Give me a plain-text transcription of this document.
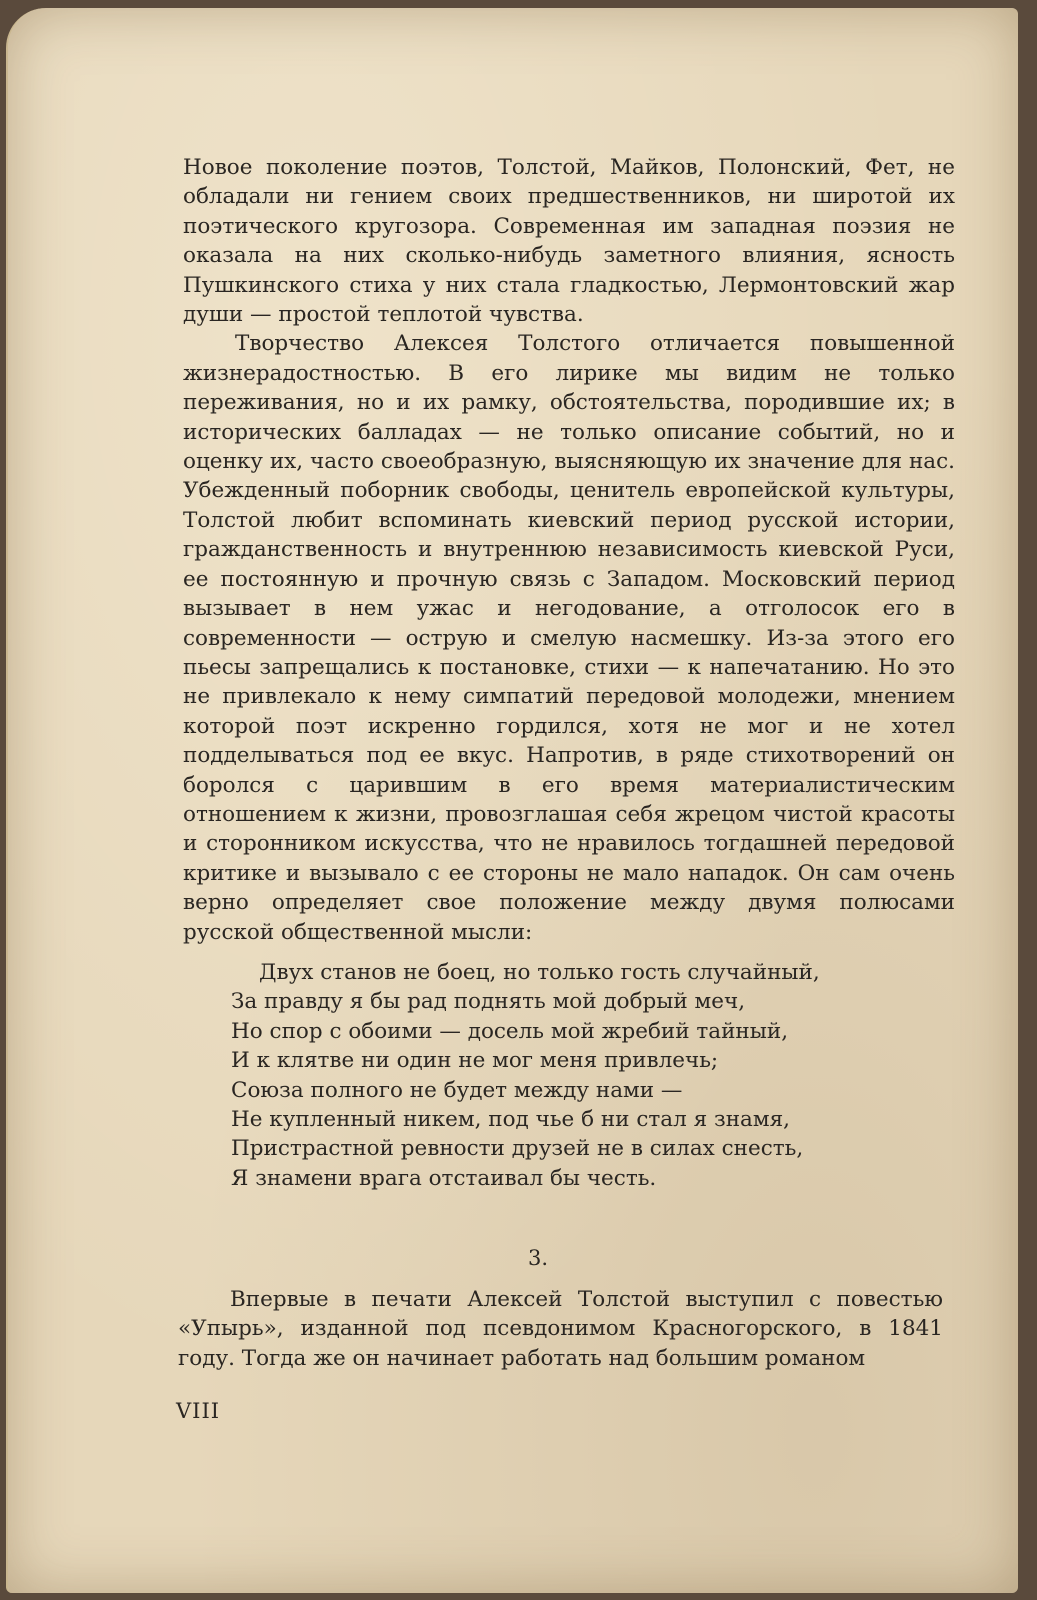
Новое поколение поэтов, Толстой, Майков, Полонский, Фет, не обладали ни гением своих предшественников, ни широтой их поэтического кругозора. Современная им западная поэзия не оказала на них сколько-нибудь заметного влияния, ясность Пушкинского стиха у них стала гладкостью, Лермонтовский жар души — простой теплотой чувства.

Творчество Алексея Толстого отличается повышенной жизнерадостностью. В его лирике мы видим не только переживания, но и их рамку, обстоятельства, породившие их; в исторических балладах — не только описание событий, но и оценку их, часто своеобразную, выясняющую их значение для нас. Убежденный поборник свободы, ценитель европейской культуры, Толстой любит вспоминать киевский период русской истории, гражданственность и внутреннюю независимость киевской Руси, ее постоянную и прочную связь с Западом. Московский период вызывает в нем ужас и негодование, а отголосок его в современности — острую и смелую насмешку. Из-за этого его пьесы запрещались к постановке, стихи — к напечатанию. Но это не привлекало к нему симпатий передовой молодежи, мнением которой поэт искренно гордился, хотя не мог и не хотел подделываться под ее вкус. Напротив, в ряде стихотворений он боролся с царившим в его время материалистическим отношением к жизни, провозглашая себя жрецом чистой красоты и сторонником искусства, что не нравилось тогдашней передовой критике и вызывало с ее стороны не мало нападок. Он сам очень верно определяет свое положение между двумя полюсами русской общественной мысли:

Двух станов не боец, но только гость случайный,
За правду я бы рад поднять мой добрый меч,
Но спор с обоими — досель мой жребий тайный,
И к клятве ни один не мог меня привлечь;
Союза полного не будет между нами —
Не купленный никем, под чье б ни стал я знамя,
Пристрастной ревности друзей не в силах снесть,
Я знамени врага отстаивал бы честь.
3.

Впервые в печати Алексей Толстой выступил с повестью «Упырь», изданной под псевдонимом Красногорского, в 1841 году. Тогда же он начинает работать над большим романом

VIII
